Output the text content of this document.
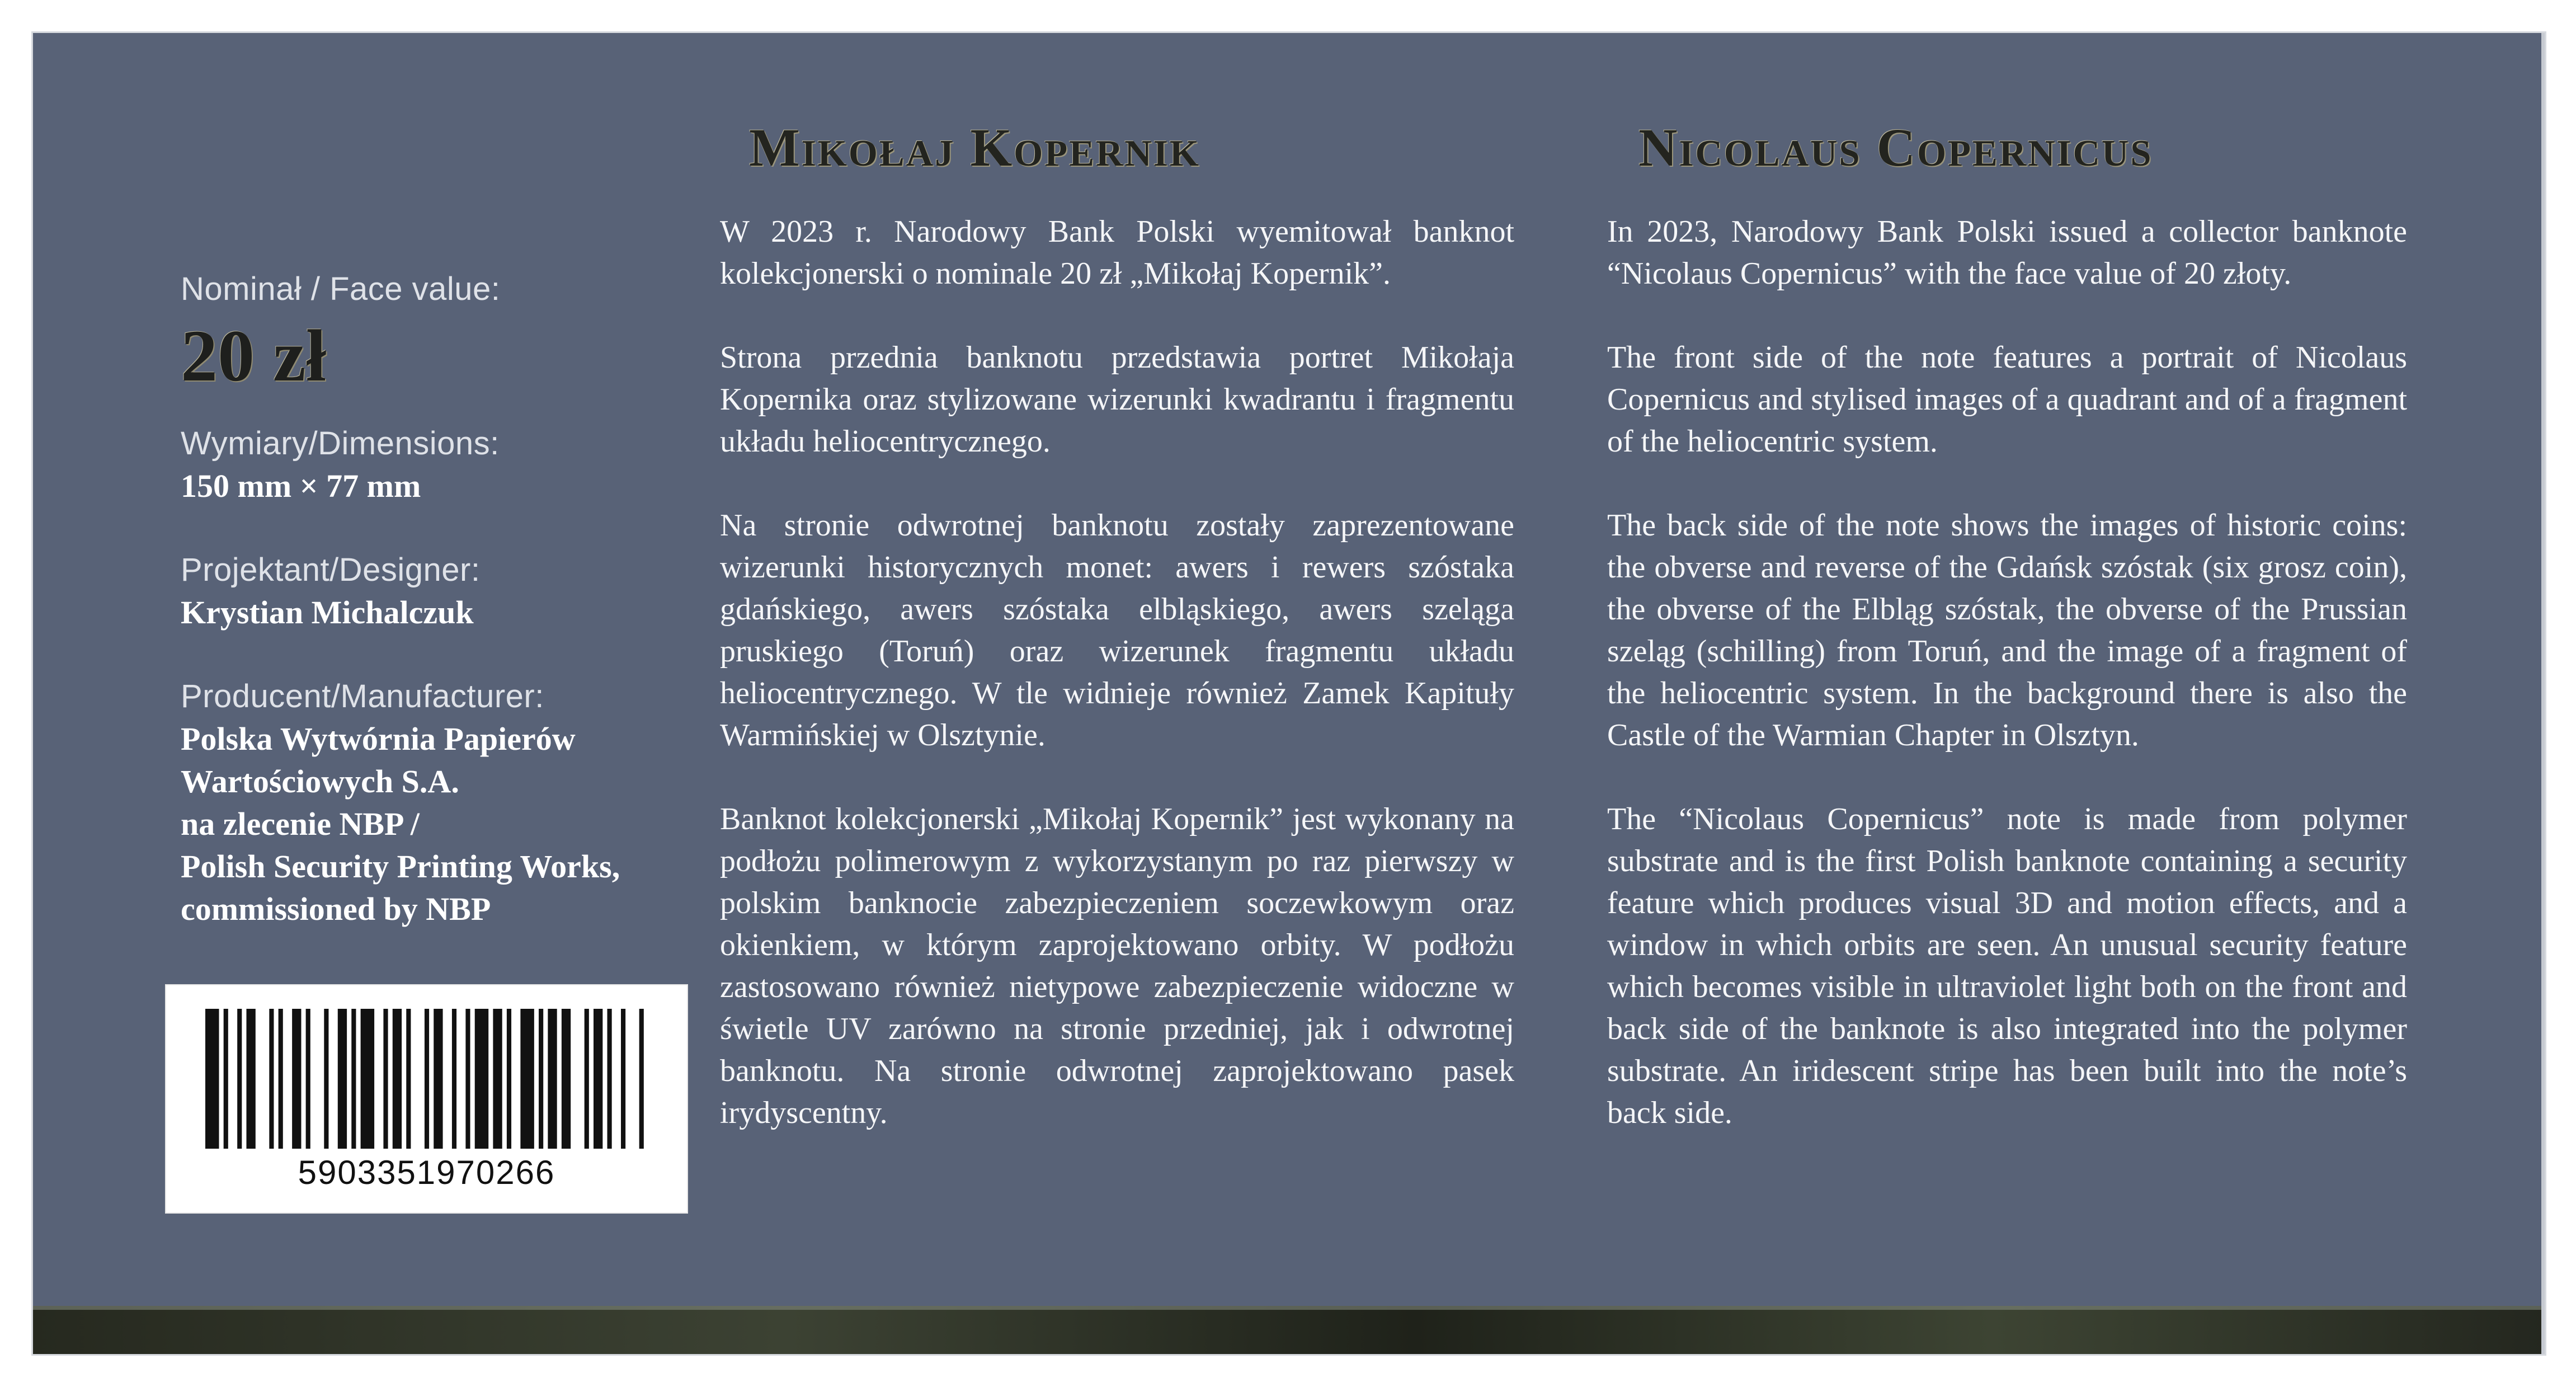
Nominał / Face value:
20 zł
Wymiary/Dimensions:
150 mm × 77 mm
Projektant/Designer:
Krystian Michalczuk
Producent/Manufacturer:
Polska Wytwórnia Papierów
Wartościowych S.A.
na zlecenie NBP /
Polish Security Printing Works,
commissioned by NBP
5903351970266
Mikołaj Kopernik

W 2023 r. Narodowy Bank Polski wyemitował banknot kolekcjonerski o nominale 20 zł „Mikołaj Kopernik”.

Strona przednia banknotu przedstawia portret Mikołaja Kopernika oraz stylizowane wizerunki kwadrantu i fragmentu układu heliocentrycznego.

Na stronie odwrotnej banknotu zostały zaprezentowane wizerunki historycznych monet: awers i rewers szóstaka gdańskiego, awers szóstaka elbląskiego, awers szeląga pruskiego (Toruń) oraz wizerunek fragmentu układu heliocentrycznego. W tle widnieje również Zamek Kapituły Warmińskiej w Olsztynie.

Banknot kolekcjonerski „Mikołaj Kopernik” jest wykonany na podłożu polimerowym z wykorzystanym po raz pierwszy w polskim banknocie zabezpieczeniem soczewkowym oraz okienkiem, w którym zaprojektowano orbity. W podłożu zastosowano również nietypowe zabezpieczenie widoczne w świetle UV zarówno na stronie przedniej, jak i odwrotnej banknotu. Na stronie odwrotnej zaprojektowano pasek irydyscentny.

Nicolaus Copernicus

In 2023, Narodowy Bank Polski issued a collector banknote “Nicolaus Copernicus” with the face value of 20 złoty.

The front side of the note features a portrait of Nicolaus Copernicus and stylised images of a quadrant and of a fragment of the heliocentric system.

The back side of the note shows the images of historic coins: the obverse and reverse of the Gdańsk szóstak (six grosz coin), the obverse of the Elbląg szóstak, the obverse of the Prussian szeląg (schilling) from Toruń, and the image of a fragment of the heliocentric system. In the background there is also the Castle of the Warmian Chapter in Olsztyn.

The “Nicolaus Copernicus” note is made from polymer substrate and is the first Polish banknote containing a security feature which produces visual 3D and motion effects, and a window in which orbits are seen. An unusual security feature which becomes visible in ultraviolet light both on the front and back side of the banknote is also integrated into the polymer substrate. An iridescent stripe has been built into the note’s back side.
